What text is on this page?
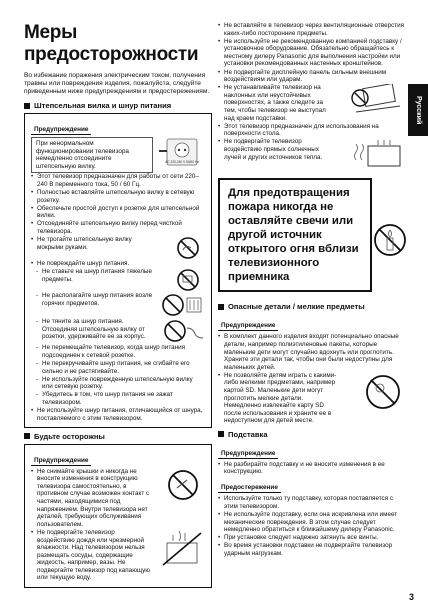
Русский
Меры предосторожности

Во избежание поражения электрическим током, получения травмы или повреждения изделия, пожалуйста, следуйте приведенным ниже предупреждениям и предостережениям.

Штепсельная вилка и шнур питания
Предупреждение
При ненормальном функционировании телевизора немедленно отсоедините штепсельную вилку.
AC 220-240 V 50/60 Hz
• Этот телевизор предназначен для работы от сети 220–240 В переменного тока, 50 / 60 Гц.
• Полностью вставляйте штепсельную вилку в сетевую розетку.
• Обеспечьте простой доступ к розетке для штепсельной вилки.
• Отсоединяйте штепсельную вилку перед чисткой телевизора.
• Не трогайте штепсельную вилку мокрыми руками.
• Не повреждайте шнур питания.
- Не ставьте на шнур питания тяжелые предметы.
- Не располагайте шнур питания возле горячих предметов.
- Не тяните за шнур питания. Отсоединяя штепсельную вилку от розетки, удерживайте ее за корпус.
- Не перемещайте телевизор, когда шнур питания подсоединен к сетевой розетке.
- Не перекручивайте шнур питания, не сгибайте его сильно и не растягивайте.
- Не используйте поврежденную штепсельную вилку или сетевую розетку.
- Убедитесь в том, что шнур питания не зажат телевизором.
• Не используйте шнур питания, отличающийся от шнура, поставляемого с этим телевизором.
Будьте осторожны
Предупреждение
• Не снимайте крышки и никогда не вносите изменения в конструкцию телевизора самостоятельно, в противном случае возможен контакт с частями, находящимися под напряжением. Внутри телевизора нет деталей, требующих обслуживания пользователем.
• Не подвергайте телевизор воздействию дождя или чрезмерной влажности. Над телевизором нельзя размещать сосуды, содержащие жидкость, например, вазы. Не подвергайте телевизор под капающую или текущую воду.
• Не вставляйте в телевизор через вентиляционные отверстия каких-либо посторонние предметы.
• Не используйте не рекомендованную компанией подставку / установочное оборудование. Обязательно обращайтесь к местному дилеру Panasonic для выполнения настройки или установки рекомендованных настенных кронштейнов.
• Не подвергайте дисплейную панель сильным внешним воздействиям или ударам.
• Не устанавливайте телевизор на наклонных или неустойчивых поверхностях, а также следите за тем, чтобы телевизор не выступал над краем подставки.
• Этот телевизор предназначен для использования на поверхности стола.
• Не подвергайте телевизор воздействию прямых солнечных лучей и других источников тепла.
Для предотвращения пожара никогда не оставляйте свечи или другой источник открытого огня вблизи телевизионного приемника
Опасные детали / мелкие предметы
Предупреждение
• В комплект данного изделия входят потенциально опасные детали, например полиэтиленовые пакеты, которые маленькие дети могут случайно вдохнуть или проглотить. Храните эти детали так, чтобы они были недоступны для маленьких детей.
• Не позволяйте детям играть с какими-либо мелкими предметами, например картой SD. Маленькие дети могут проглотить мелкие детали. Немедленно извлекайте карту SD после использования и храните ее в недоступном для детей месте.
Подставка
Предупреждение
• Не разбирайте подставку и не вносите изменения в ее конструкцию.
Предостережение
• Используйте только ту подставку, которая поставляется с этим телевизором.
• Не используйте подставку, если она искривлена или имеет механические повреждения. В этом случае следует немедленно обратиться к ближайшему дилеру Panasonic.
• При установке следует надежно затянуть все винты.
• Во время установки подставки не подвергайте телевизор ударным нагрузкам.
3
